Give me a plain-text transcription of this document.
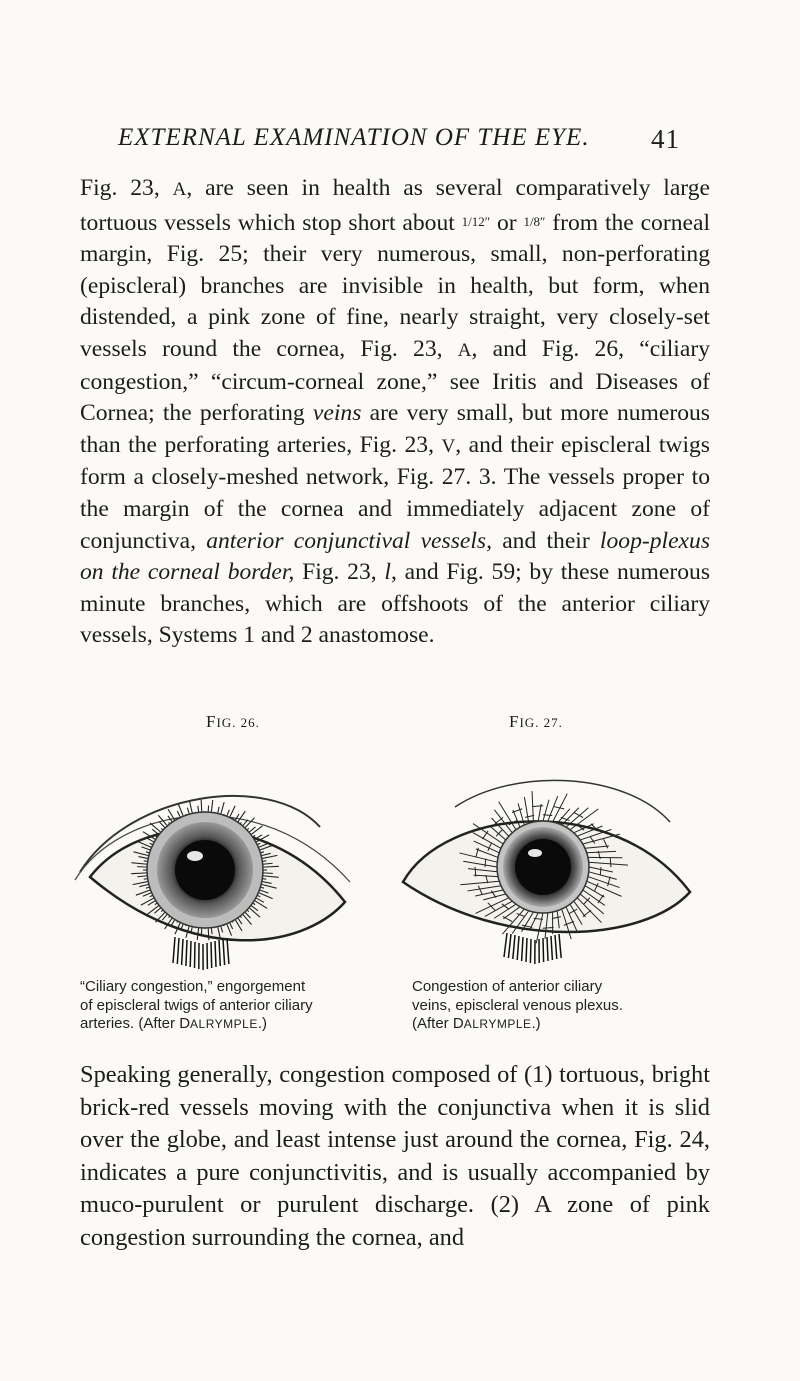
EXTERNAL EXAMINATION OF THE EYE. 41

Fig. 23, A, are seen in health as several comparatively large tortuous vessels which stop short about 1/12″ or 1/8″ from the corneal margin, Fig. 25; their very numerous, small, non-perforating (episcleral) branches are invisible in health, but form, when distended, a pink zone of fine, nearly straight, very closely-set vessels round the cornea, Fig. 23, A, and Fig. 26, “ciliary congestion,” “circum-corneal zone,” see Iritis and Diseases of Cornea; the perforating veins are very small, but more numerous than the perforating arteries, Fig. 23, V, and their episcleral twigs form a closely-meshed network, Fig. 27. 3. The vessels proper to the margin of the cornea and immediately adjacent zone of conjunctiva, anterior conjunctival vessels, and their loop-plexus on the corneal border, Fig. 23, l, and Fig. 59; by these numerous minute branches, which are offshoots of the anterior ciliary vessels, Systems 1 and 2 anastomose.

FIG. 26.	FIG. 27.
“Ciliary congestion,” engorgement
of episcleral twigs of anterior ciliary
arteries. (After DALRYMPLE.)
Congestion of anterior ciliary
veins, episcleral venous plexus.
(After DALRYMPLE.)

Speaking generally, congestion composed of (1) tortuous, bright brick-red vessels moving with the conjunctiva when it is slid over the globe, and least intense just around the cornea, Fig. 24, indicates a pure conjunctivitis, and is usually accompanied by muco-purulent or purulent discharge. (2) A zone of pink congestion surrounding the cornea, and
